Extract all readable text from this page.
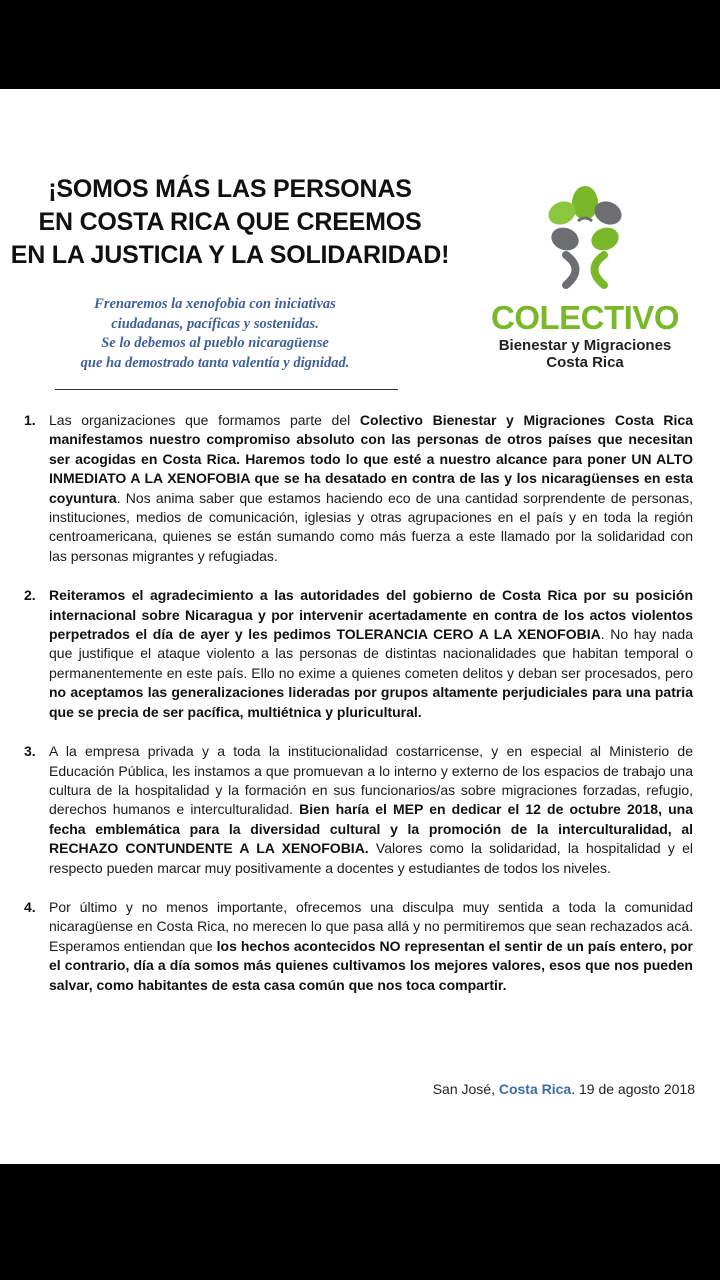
¡SOMOS MÁS LAS PERSONAS
EN COSTA RICA QUE CREEMOS
EN LA JUSTICIA Y LA SOLIDARIDAD!
Frenaremos la xenofobia con iniciativas
ciudadanas, pacíficas y sostenidas.
Se lo debemos al pueblo nicaragüense
que ha demostrado tanta valentía y dignidad.
COLECTIVO
Bienestar y Migraciones
Costa Rica
1. Las organizaciones que formamos parte del Colectivo Bienestar y Migraciones Costa Rica manifestamos nuestro compromiso absoluto con las personas de otros países que necesitan ser acogidas en Costa Rica. Haremos todo lo que esté a nuestro alcance para poner UN ALTO INMEDIATO A LA XENOFOBIA que se ha desatado en contra de las y los nicaragüenses en esta coyuntura. Nos anima saber que estamos haciendo eco de una cantidad sorprendente de personas, instituciones, medios de comunicación, iglesias y otras agrupaciones en el país y en toda la región centroamericana, quienes se están sumando como más fuerza a este llamado por la solidaridad con las personas migrantes y refugiadas.
2. Reiteramos el agradecimiento a las autoridades del gobierno de Costa Rica por su posición internacional sobre Nicaragua y por intervenir acertadamente en contra de los actos violentos perpetrados el día de ayer y les pedimos TOLERANCIA CERO A LA XENOFOBIA. No hay nada que justifique el ataque violento a las personas de distintas nacionalidades que habitan temporal o permanentemente en este país. Ello no exime a quienes cometen delitos y deban ser procesados, pero no aceptamos las generalizaciones lideradas por grupos altamente perjudiciales para una patria que se precia de ser pacífica, multiétnica y pluricultural.
3. A la empresa privada y a toda la institucionalidad costarricense, y en especial al Ministerio de Educación Pública, les instamos a que promuevan a lo interno y externo de los espacios de trabajo una cultura de la hospitalidad y la formación en sus funcionarios/as sobre migraciones forzadas, refugio, derechos humanos e interculturalidad. Bien haría el MEP en dedicar el 12 de octubre 2018, una fecha emblemática para la diversidad cultural y la promoción de la interculturalidad, al RECHAZO CONTUNDENTE A LA XENOFOBIA. Valores como la solidaridad, la hospitalidad y el respecto pueden marcar muy positivamente a docentes y estudiantes de todos los niveles.
4. Por último y no menos importante, ofrecemos una disculpa muy sentida a toda la comunidad nicaragüense en Costa Rica, no merecen lo que pasa allá y no permitiremos que sean rechazados acá. Esperamos entiendan que los hechos acontecidos NO representan el sentir de un país entero, por el contrario, día a día somos más quienes cultivamos los mejores valores, esos que nos pueden salvar, como habitantes de esta casa común que nos toca compartir.
San José, Costa Rica. 19 de agosto 2018
